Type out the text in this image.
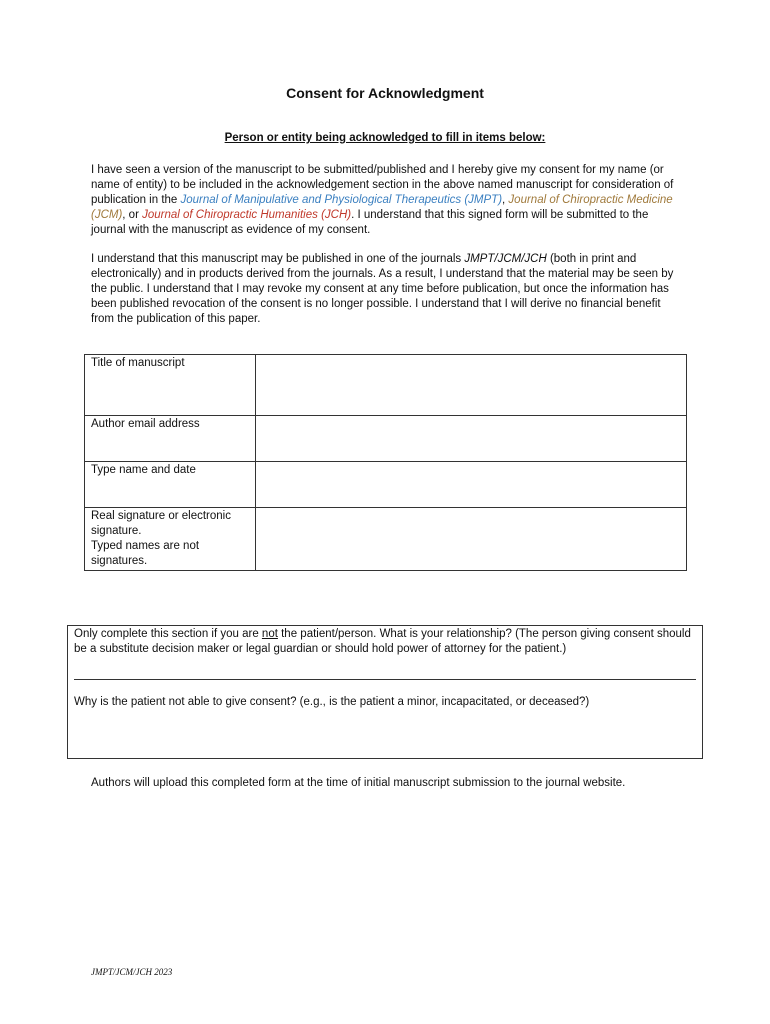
Consent for Acknowledgment
Person or entity being acknowledged to fill in items below:

I have seen a version of the manuscript to be submitted/published and I hereby give my consent for my name (or name of entity) to be included in the acknowledgement section in the above named manuscript for consideration of publication in the Journal of Manipulative and Physiological Therapeutics (JMPT), Journal of Chiropractic Medicine (JCM), or Journal of Chiropractic Humanities (JCH). I understand that this signed form will be submitted to the journal with the manuscript as evidence of my consent.

I understand that this manuscript may be published in one of the journals JMPT/JCM/JCH (both in print and electronically) and in products derived from the journals. As a result, I understand that the material may be seen by the public. I understand that I may revoke my consent at any time before publication, but once the information has been published revocation of the consent is no longer possible. I understand that I will derive no financial benefit from the publication of this paper.

Title of manuscript	
Author email address	
Type name and date	

Real signature or electronic signature.
Typed names are not signatures.	

Only complete this section if you are not the patient/person. What is your relationship? (The person giving consent should be a substitute decision maker or legal guardian or should hold power of attorney for the patient.)
Why is the patient not able to give consent? (e.g., is the patient a minor, incapacitated, or deceased?)
Authors will upload this completed form at the time of initial manuscript submission to the journal website.
JMPT/JCM/JCH 2023
